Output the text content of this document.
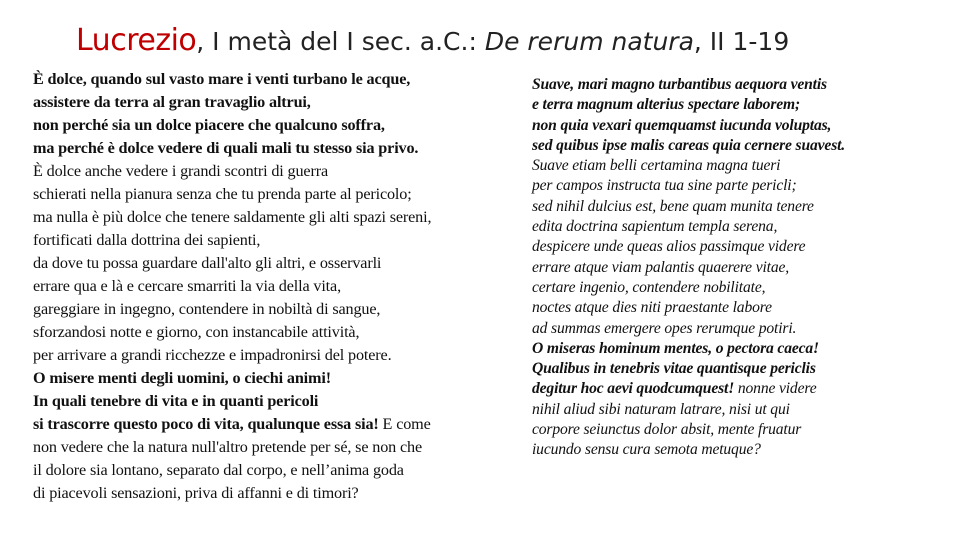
Lucrezio, I metà del I sec. a.C.: De rerum natura, II 1-19
È dolce, quando sul vasto mare i venti turbano le acque,
assistere da terra al gran travaglio altrui,
non perché sia un dolce piacere che qualcuno soffra,
ma perché è dolce vedere di quali mali tu stesso sia privo.
È dolce anche vedere i grandi scontri di guerra
schierati nella pianura senza che tu prenda parte al pericolo;
ma nulla è più dolce che tenere saldamente gli alti spazi sereni,
fortificati dalla dottrina dei sapienti,
da dove tu possa guardare dall'alto gli altri, e osservarli
errare qua e là e cercare smarriti la via della vita,
gareggiare in ingegno, contendere in nobiltà di sangue,
sforzandosi notte e giorno, con instancabile attività,
per arrivare a grandi ricchezze e impadronirsi del potere.
O misere menti degli uomini, o ciechi animi!
In quali tenebre di vita e in quanti pericoli
si trascorre questo poco di vita, qualunque essa sia! E come
non vedere che la natura null'altro pretende per sé, se non che
il dolore sia lontano, separato dal corpo, e nell’anima goda
di piacevoli sensazioni, priva di affanni e di timori?
Suave, mari magno turbantibus aequora ventis
e terra magnum alterius spectare laborem;
non quia vexari quemquamst iucunda voluptas,
sed quibus ipse malis careas quia cernere suavest.
Suave etiam belli certamina magna tueri
per campos instructa tua sine parte pericli;
sed nihil dulcius est, bene quam munita tenere
edita doctrina sapientum templa serena,
despicere unde queas alios passimque videre
errare atque viam palantis quaerere vitae,
certare ingenio, contendere nobilitate,
noctes atque dies niti praestante labore
ad summas emergere opes rerumque potiri.
O miseras hominum mentes, o pectora caeca!
Qualibus in tenebris vitae quantisque periclis
degitur hoc aevi quodcumquest! nonne videre
nihil aliud sibi naturam latrare, nisi ut qui
corpore seiunctus dolor absit, mente fruatur
iucundo sensu cura semota metuque?
